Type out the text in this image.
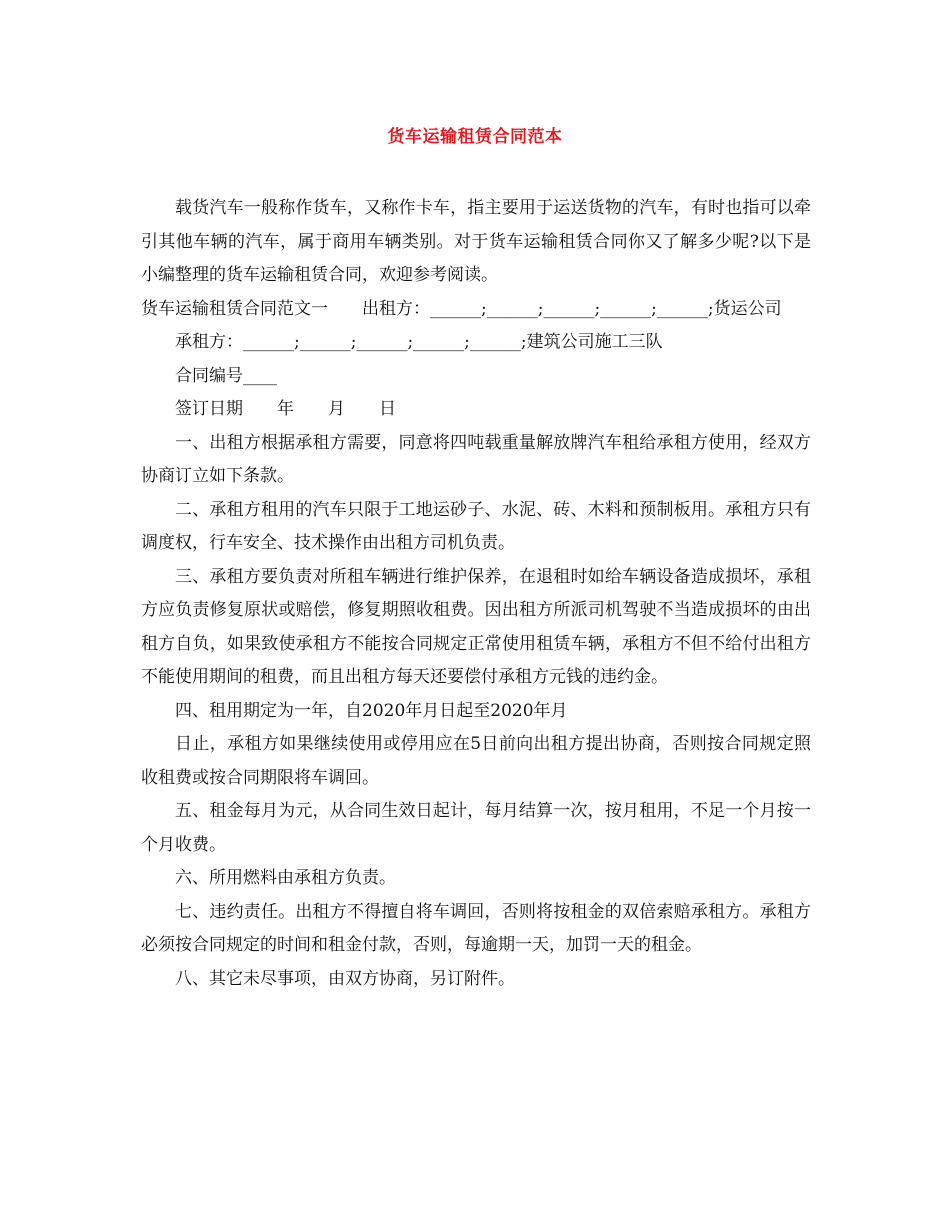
货车运输租赁合同范本

载货汽车一般称作货车，又称作卡车，指主要用于运送货物的汽车，有时也指可以牵引其他车辆的汽车，属于商用车辆类别。对于货车运输租赁合同你又了解多少呢?以下是小编整理的货车运输租赁合同，欢迎参考阅读。

货车运输租赁合同范文一　　出租方：______;______;______;______;______;货运公司

承租方：______;______;______;______;______;建筑公司施工三队

合同编号____

签订日期　　年　　月　　日

一、出租方根据承租方需要，同意将四吨载重量解放牌汽车租给承租方使用，经双方协商订立如下条款。

二、承租方租用的汽车只限于工地运砂子、水泥、砖、木料和预制板用。承租方只有调度权，行车安全、技术操作由出租方司机负责。

三、承租方要负责对所租车辆进行维护保养，在退租时如给车辆设备造成损坏，承租方应负责修复原状或赔偿，修复期照收租费。因出租方所派司机驾驶不当造成损坏的由出租方自负，如果致使承租方不能按合同规定正常使用租赁车辆，承租方不但不给付出租方不能使用期间的租费，而且出租方每天还要偿付承租方元钱的违约金。

四、租用期定为一年，自2020年月日起至2020年月

日止，承租方如果继续使用或停用应在5日前向出租方提出协商，否则按合同规定照收租费或按合同期限将车调回。

五、租金每月为元，从合同生效日起计，每月结算一次，按月租用，不足一个月按一个月收费。

六、所用燃料由承租方负责。

七、违约责任。出租方不得擅自将车调回，否则将按租金的双倍索赔承租方。承租方必须按合同规定的时间和租金付款，否则，每逾期一天，加罚一天的租金。

八、其它未尽事项，由双方协商，另订附件。
